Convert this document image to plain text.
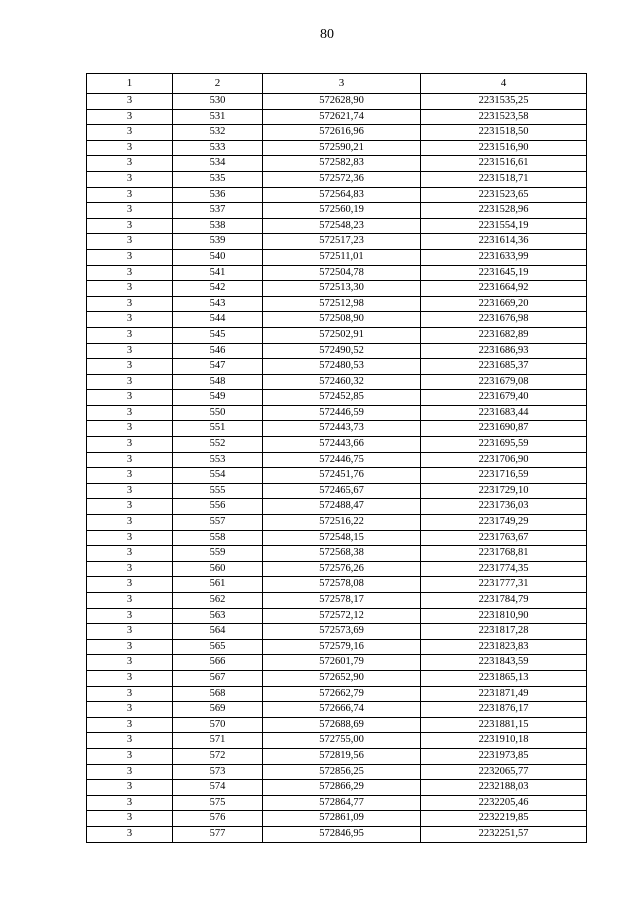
80
1	2	3	4
3	530	572628,90	2231535,25
3	531	572621,74	2231523,58
3	532	572616,96	2231518,50
3	533	572590,21	2231516,90
3	534	572582,83	2231516,61
3	535	572572,36	2231518,71
3	536	572564,83	2231523,65
3	537	572560,19	2231528,96
3	538	572548,23	2231554,19
3	539	572517,23	2231614,36
3	540	572511,01	2231633,99
3	541	572504,78	2231645,19
3	542	572513,30	2231664,92
3	543	572512,98	2231669,20
3	544	572508,90	2231676,98
3	545	572502,91	2231682,89
3	546	572490,52	2231686,93
3	547	572480,53	2231685,37
3	548	572460,32	2231679,08
3	549	572452,85	2231679,40
3	550	572446,59	2231683,44
3	551	572443,73	2231690,87
3	552	572443,66	2231695,59
3	553	572446,75	2231706,90
3	554	572451,76	2231716,59
3	555	572465,67	2231729,10
3	556	572488,47	2231736,03
3	557	572516,22	2231749,29
3	558	572548,15	2231763,67
3	559	572568,38	2231768,81
3	560	572576,26	2231774,35
3	561	572578,08	2231777,31
3	562	572578,17	2231784,79
3	563	572572,12	2231810,90
3	564	572573,69	2231817,28
3	565	572579,16	2231823,83
3	566	572601,79	2231843,59
3	567	572652,90	2231865,13
3	568	572662,79	2231871,49
3	569	572666,74	2231876,17
3	570	572688,69	2231881,15
3	571	572755,00	2231910,18
3	572	572819,56	2231973,85
3	573	572856,25	2232065,77
3	574	572866,29	2232188,03
3	575	572864,77	2232205,46
3	576	572861,09	2232219,85
3	577	572846,95	2232251,57
